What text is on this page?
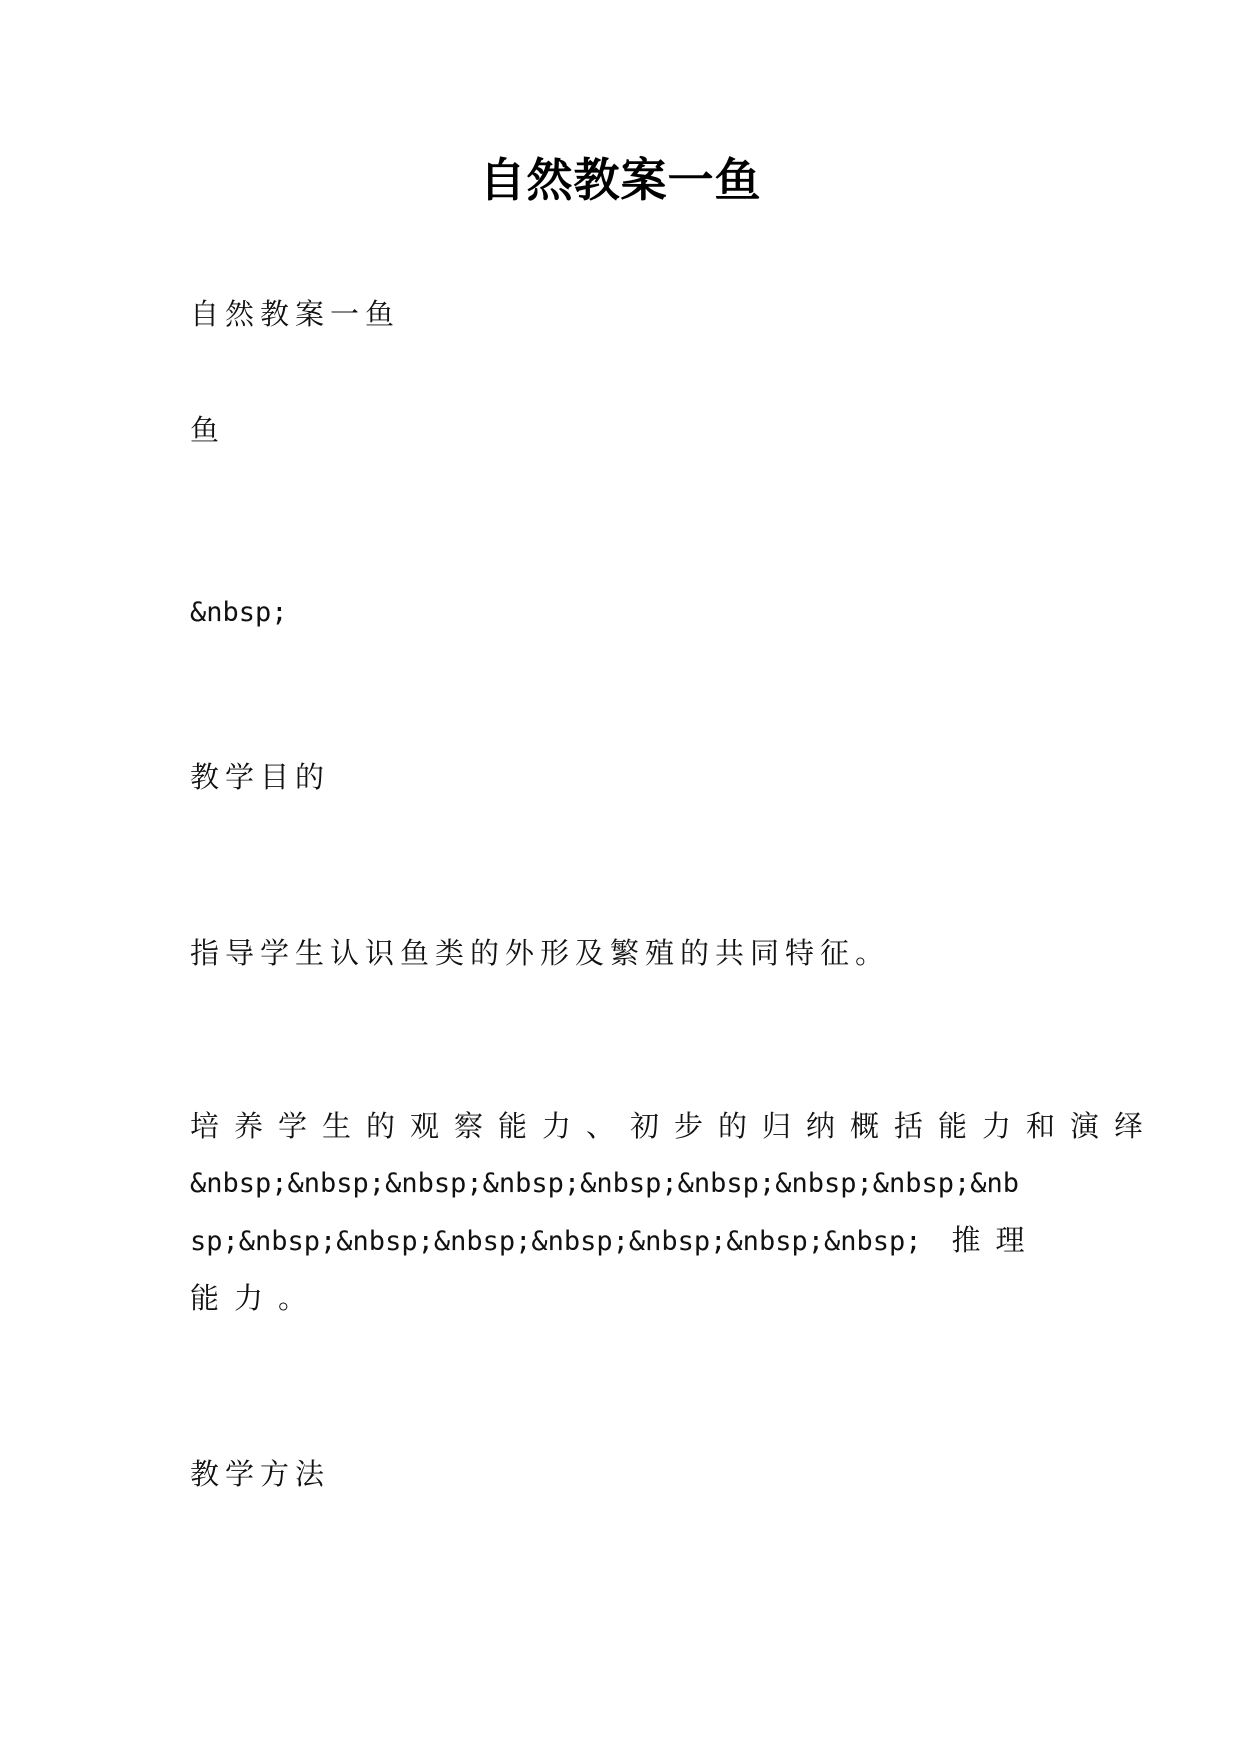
自然教案一鱼
自然教案一鱼
鱼
&nbsp;
教学目的
指导学生认识鱼类的外形及繁殖的共同特征。
培养学生的观察能力、初步的归纳概括能力和演绎
&nbsp;&nbsp;&nbsp;&nbsp;&nbsp;&nbsp;&nbsp;&nbsp;&nb
sp;&nbsp;&nbsp;&nbsp;&nbsp;&nbsp;&nbsp;&nbsp; 推理
能力。
教学方法
